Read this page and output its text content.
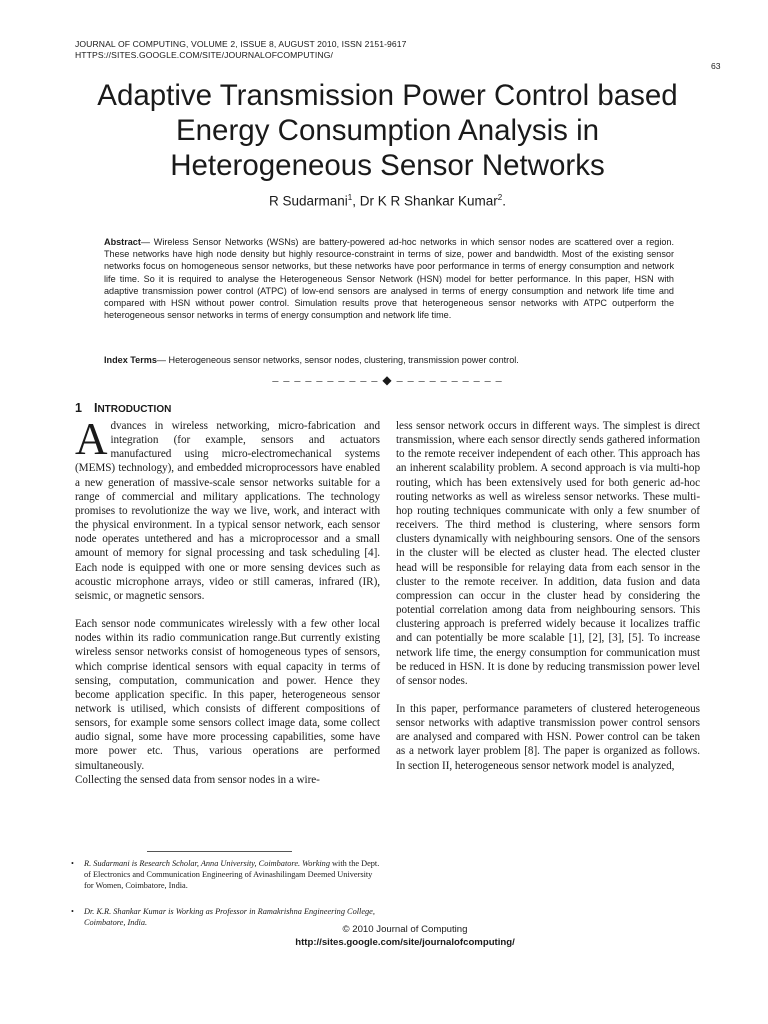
JOURNAL OF COMPUTING, VOLUME 2, ISSUE 8, AUGUST 2010, ISSN 2151-9617
HTTPS://SITES.GOOGLE.COM/SITE/JOURNALOFCOMPUTING/
63
Adaptive Transmission Power Control based
Energy Consumption Analysis in
Heterogeneous Sensor Networks
R Sudarmani$^1$, Dr K R Shankar Kumar$^2$.

Abstract— Wireless Sensor Networks (WSNs) are battery-powered ad-hoc networks in which sensor nodes are scattered over a region. These networks have high node density but highly resource-constraint in terms of size, power and bandwidth. Most of the existing sensor networks focus on homogeneous sensor networks, but these networks have poor performance in terms of energy consumption and network life time. So it is required to analyse the Heterogeneous Sensor Network (HSN) model for better performance. In this paper, HSN with adaptive transmission power control (ATPC) of low-end sensors are analysed in terms of energy consumption and network life time and compared with HSN without power control. Simulation results prove that heterogeneous sensor networks with ATPC outperform the heterogeneous sensor networks in terms of energy consumption and network life time.

Index Terms— Heterogeneous sensor networks, sensor nodes, clustering, transmission power control.

– – – – – – – – – – ◆ – – – – – – – – – –
1 INTRODUCTION

Advances in wireless networking, micro-fabrication and integration (for example, sensors and actuators manufactured using micro-electromechanical systems (MEMS) technology), and embedded microprocessors have enabled a new generation of massive-scale sensor networks suitable for a range of commercial and military applications. The technology promises to revolutionize the way we live, work, and interact with the physical environment. In a typical sensor network, each sensor node operates untethered and has a microprocessor and a small amount of memory for signal processing and task scheduling [4]. Each node is equipped with one or more sensing devices such as acoustic microphone arrays, video or still cameras, infrared (IR), seismic, or magnetic sensors.

Each sensor node communicates wirelessly with a few other local nodes within its radio communication range.But currently existing wireless sensor networks consist of homogeneous types of sensors, which comprise identical sensors with equal capacity in terms of sensing, computation, communication and power. Hence they become application specific. In this paper, heterogeneous sensor network is utilised, which consists of different compositions of sensors, for example some sensors collect image data, some collect audio signal, some have more processing capabilities, some have more power etc. Thus, various operations are performed simultaneously.

Collecting the sensed data from sensor nodes in a wire-

less sensor network occurs in different ways. The simplest is direct transmission, where each sensor directly sends gathered information to the remote receiver independent of each other. This approach has an inherent scalability problem. A second approach is via multi-hop routing, which has been extensively used for both generic ad-hoc routing networks as well as wireless sensor networks. These multi-hop routing techniques communicate with only a few snumber of receivers. The third method is clustering, where sensors form clusters dynamically with neighbouring sensors. One of the sensors in the cluster will be elected as cluster head. The elected cluster head will be responsible for relaying data from each sensor in the cluster to the remote receiver. In addition, data fusion and data compression can occur in the cluster head by considering the potential correlation among data from neighbouring sensors. This clustering approach is preferred widely because it localizes traffic and can potentially be more scalable [1], [2], [3], [5]. To increase network life time, the energy consumption for communication must be reduced in HSN. It is done by reducing transmission power level of sensor nodes.

In this paper, performance parameters of clustered heterogeneous sensor networks with adaptive transmission power control sensors are analysed and compared with HSN. Power control can be taken as a network layer problem [8]. The paper is organized as follows. In section II, heterogeneous sensor network model is analyzed,

• R. Sudarmani is Research Scholar, Anna University, Coimbatore. Working with the Dept. of Electronics and Communication Engineering of Avinashilingam Deemed University for Women, Coimbatore, India.

• Dr. K.R. Shankar Kumar is Working as Professor in Ramakrishna Engineering College, Coimbatore, India.

© 2010 Journal of Computing
http://sites.google.com/site/journalofcomputing/
